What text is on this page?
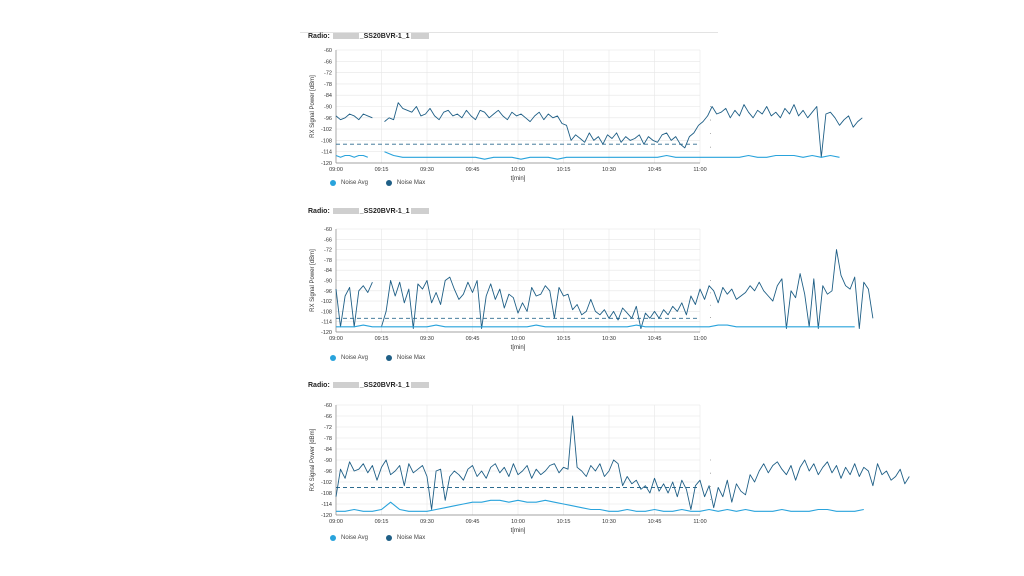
Radio:	_SS20BVR-1_1
-60
-66
-72
-78
-84
-90
-96
-102
-108
-114
-120
09:00	09:15	09:30	09:45	10:00	10:15	10:30	10:45	11:00
t[min]
RX Signal Power [dBm]
Noise Avg	Noise Max
Radio:	_SS20BVR-1_1
-60
-66
-72
-78
-84
-90
-96
-102
-108
-114
-120
09:00	09:15	09:30	09:45	10:00	10:15	10:30	10:45	11:00
t[min]
RX Signal Power [dBm]
Noise Avg	Noise Max
Radio:	_SS20BVR-1_1
-60
-66
-72
-78
-84
-90
-96
-102
-108
-114
-120
09:00	09:15	09:30	09:45	10:00	10:15	10:30	10:45	11:00
t[min]
RX Signal Power [dBm]
Noise Avg	Noise Max
